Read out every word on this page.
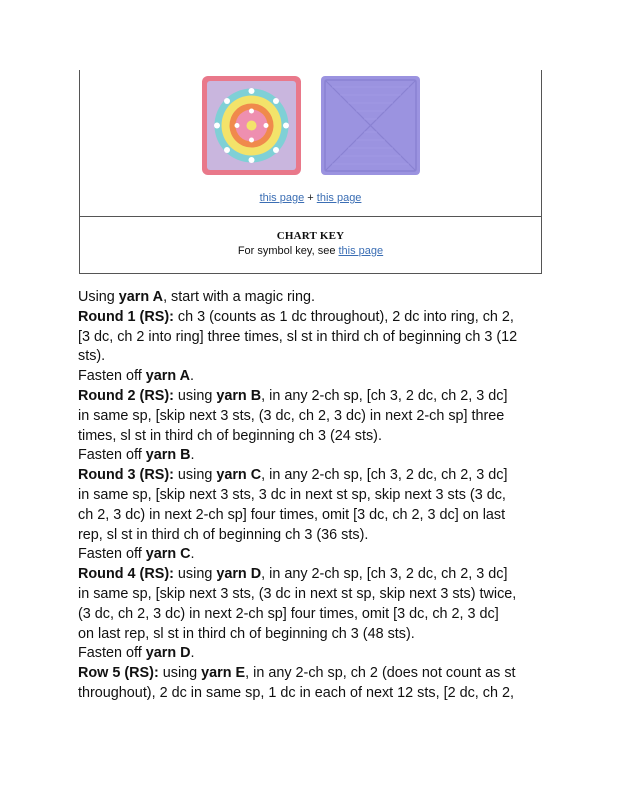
this page + this page
CHART KEY
For symbol key, see this page

Using yarn A, start with a magic ring.

Round 1 (RS): ch 3 (counts as 1 dc throughout), 2 dc into ring, ch 2,

[3 dc, ch 2 into ring] three times, sl st in third ch of beginning ch 3 (12

sts).

Fasten off yarn A.

Round 2 (RS): using yarn B, in any 2-ch sp, [ch 3, 2 dc, ch 2, 3 dc]

in same sp, [skip next 3 sts, (3 dc, ch 2, 3 dc) in next 2-ch sp] three

times, sl st in third ch of beginning ch 3 (24 sts).

Fasten off yarn B.

Round 3 (RS): using yarn C, in any 2-ch sp, [ch 3, 2 dc, ch 2, 3 dc]

in same sp, [skip next 3 sts, 3 dc in next st sp, skip next 3 sts (3 dc,

ch 2, 3 dc) in next 2-ch sp] four times, omit [3 dc, ch 2, 3 dc] on last

rep, sl st in third ch of beginning ch 3 (36 sts).

Fasten off yarn C.

Round 4 (RS): using yarn D, in any 2-ch sp, [ch 3, 2 dc, ch 2, 3 dc]

in same sp, [skip next 3 sts, (3 dc in next st sp, skip next 3 sts) twice,

(3 dc, ch 2, 3 dc) in next 2-ch sp] four times, omit [3 dc, ch 2, 3 dc]

on last rep, sl st in third ch of beginning ch 3 (48 sts).

Fasten off yarn D.

Row 5 (RS): using yarn E, in any 2-ch sp, ch 2 (does not count as st

throughout), 2 dc in same sp, 1 dc in each of next 12 sts, [2 dc, ch 2,
